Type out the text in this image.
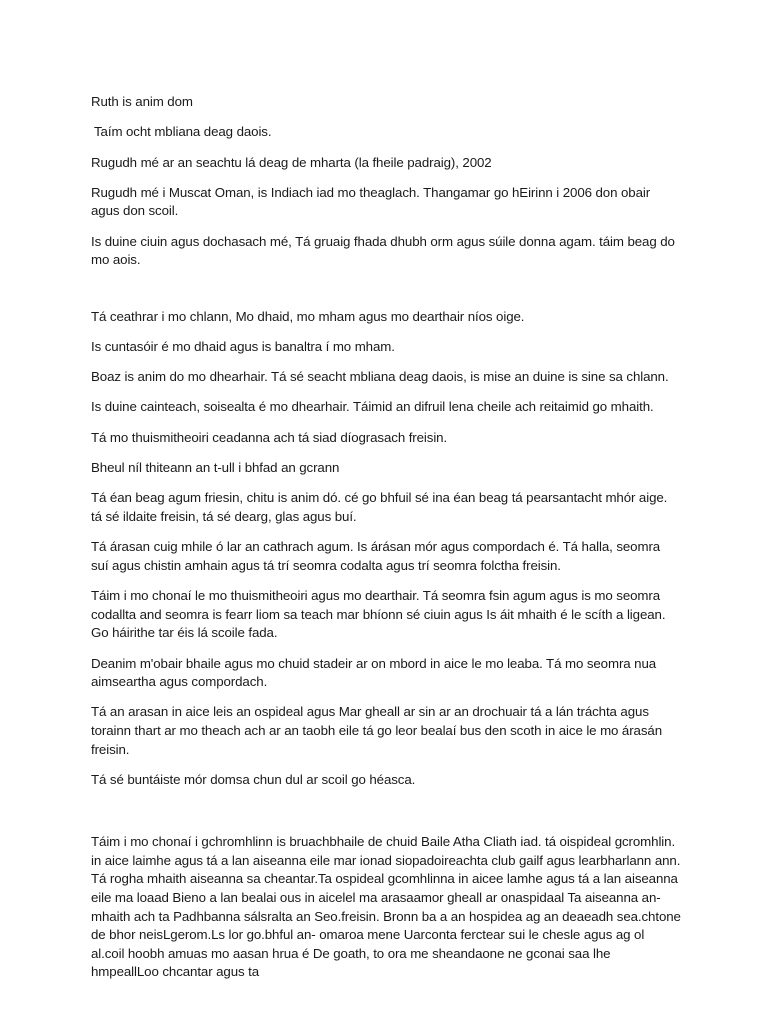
Ruth is anim dom

Taím ocht mbliana deag daois.

Rugudh mé ar an seachtu lá deag de mharta (la fheile padraig), 2002

Rugudh mé i Muscat Oman, is Indiach iad mo theaglach. Thangamar go hEirinn i 2006 don obair agus don scoil.

Is duine ciuin agus dochasach mé, Tá gruaig fhada dhubh orm agus súile donna agam. táim beag do mo aois.

Tá ceathrar i mo chlann, Mo dhaid, mo mham agus mo dearthair níos oige.

Is cuntasóir é mo dhaid agus is banaltra í mo mham.

Boaz is anim do mo dhearhair. Tá sé seacht mbliana deag daois, is mise an duine is sine sa chlann.

Is duine cainteach, soisealta é mo dhearhair. Táimid an difruil lena cheile ach reitaimid go mhaith.

Tá mo thuismitheoiri ceadanna ach tá siad díograsach freisin.

Bheul níl thiteann an t-ull i bhfad an gcrann

Tá éan beag agum friesin, chitu is anim dó. cé go bhfuil sé ina éan beag tá pearsantacht mhór aige. tá sé ildaite freisin, tá sé dearg, glas agus buí.

Tá árasan cuig mhile ó lar an cathrach agum. Is árásan mór agus compordach é. Tá halla, seomra suí agus chistin amhain agus tá trí seomra codalta agus trí seomra folctha freisin.

Táim i mo chonaí le mo thuismitheoiri agus mo dearthair. Tá seomra fsin agum agus is mo seomra codallta and seomra is fearr liom sa teach mar bhíonn sé ciuin agus Is áit mhaith é le scíth a ligean. Go háirithe tar éis lá scoile fada.

Deanim m'obair bhaile agus mo chuid stadeir ar on mbord in aice le mo leaba. Tá mo seomra nua aimseartha agus compordach.

Tá an arasan in aice leis an ospideal agus Mar gheall ar sin ar an drochuair tá a lán tráchta agus torainn thart ar mo theach ach ar an taobh eile tá go leor bealaí bus den scoth in aice le mo árasán freisin.

Tá sé buntáiste mór domsa chun dul ar scoil go héasca.

Táim i mo chonaí i gchromhlinn is bruachbhaile de chuid Baile Atha Cliath iad. tá oispideal gcromhlin. in aice laimhe agus tá a lan aiseanna eile mar ionad siopadoireachta club gailf agus learbharlann ann. Tá rogha mhaith aiseanna sa cheantar.Ta ospideal gcomhlinna in aicee lamhe agus tá a lan aiseanna eile ma loaad Bieno a lan bealai ous in aicelel ma arasaamor gheall ar onaspidaal Ta aiseanna an-mhaith ach ta Padhbanna sálsralta an Seo.freisin. Bronn ba a an hospidea ag an deaeadh sea.chtone de bhor neisLgerom.Ls lor go.bhful an- omaroa mene Uarconta ferctear sui le chesle agus ag ol al.coil hoobh amuas mo aasan hrua é De goath, to ora me sheandaone ne gconai saa lhe hmpeallLoo chcantar agus ta
